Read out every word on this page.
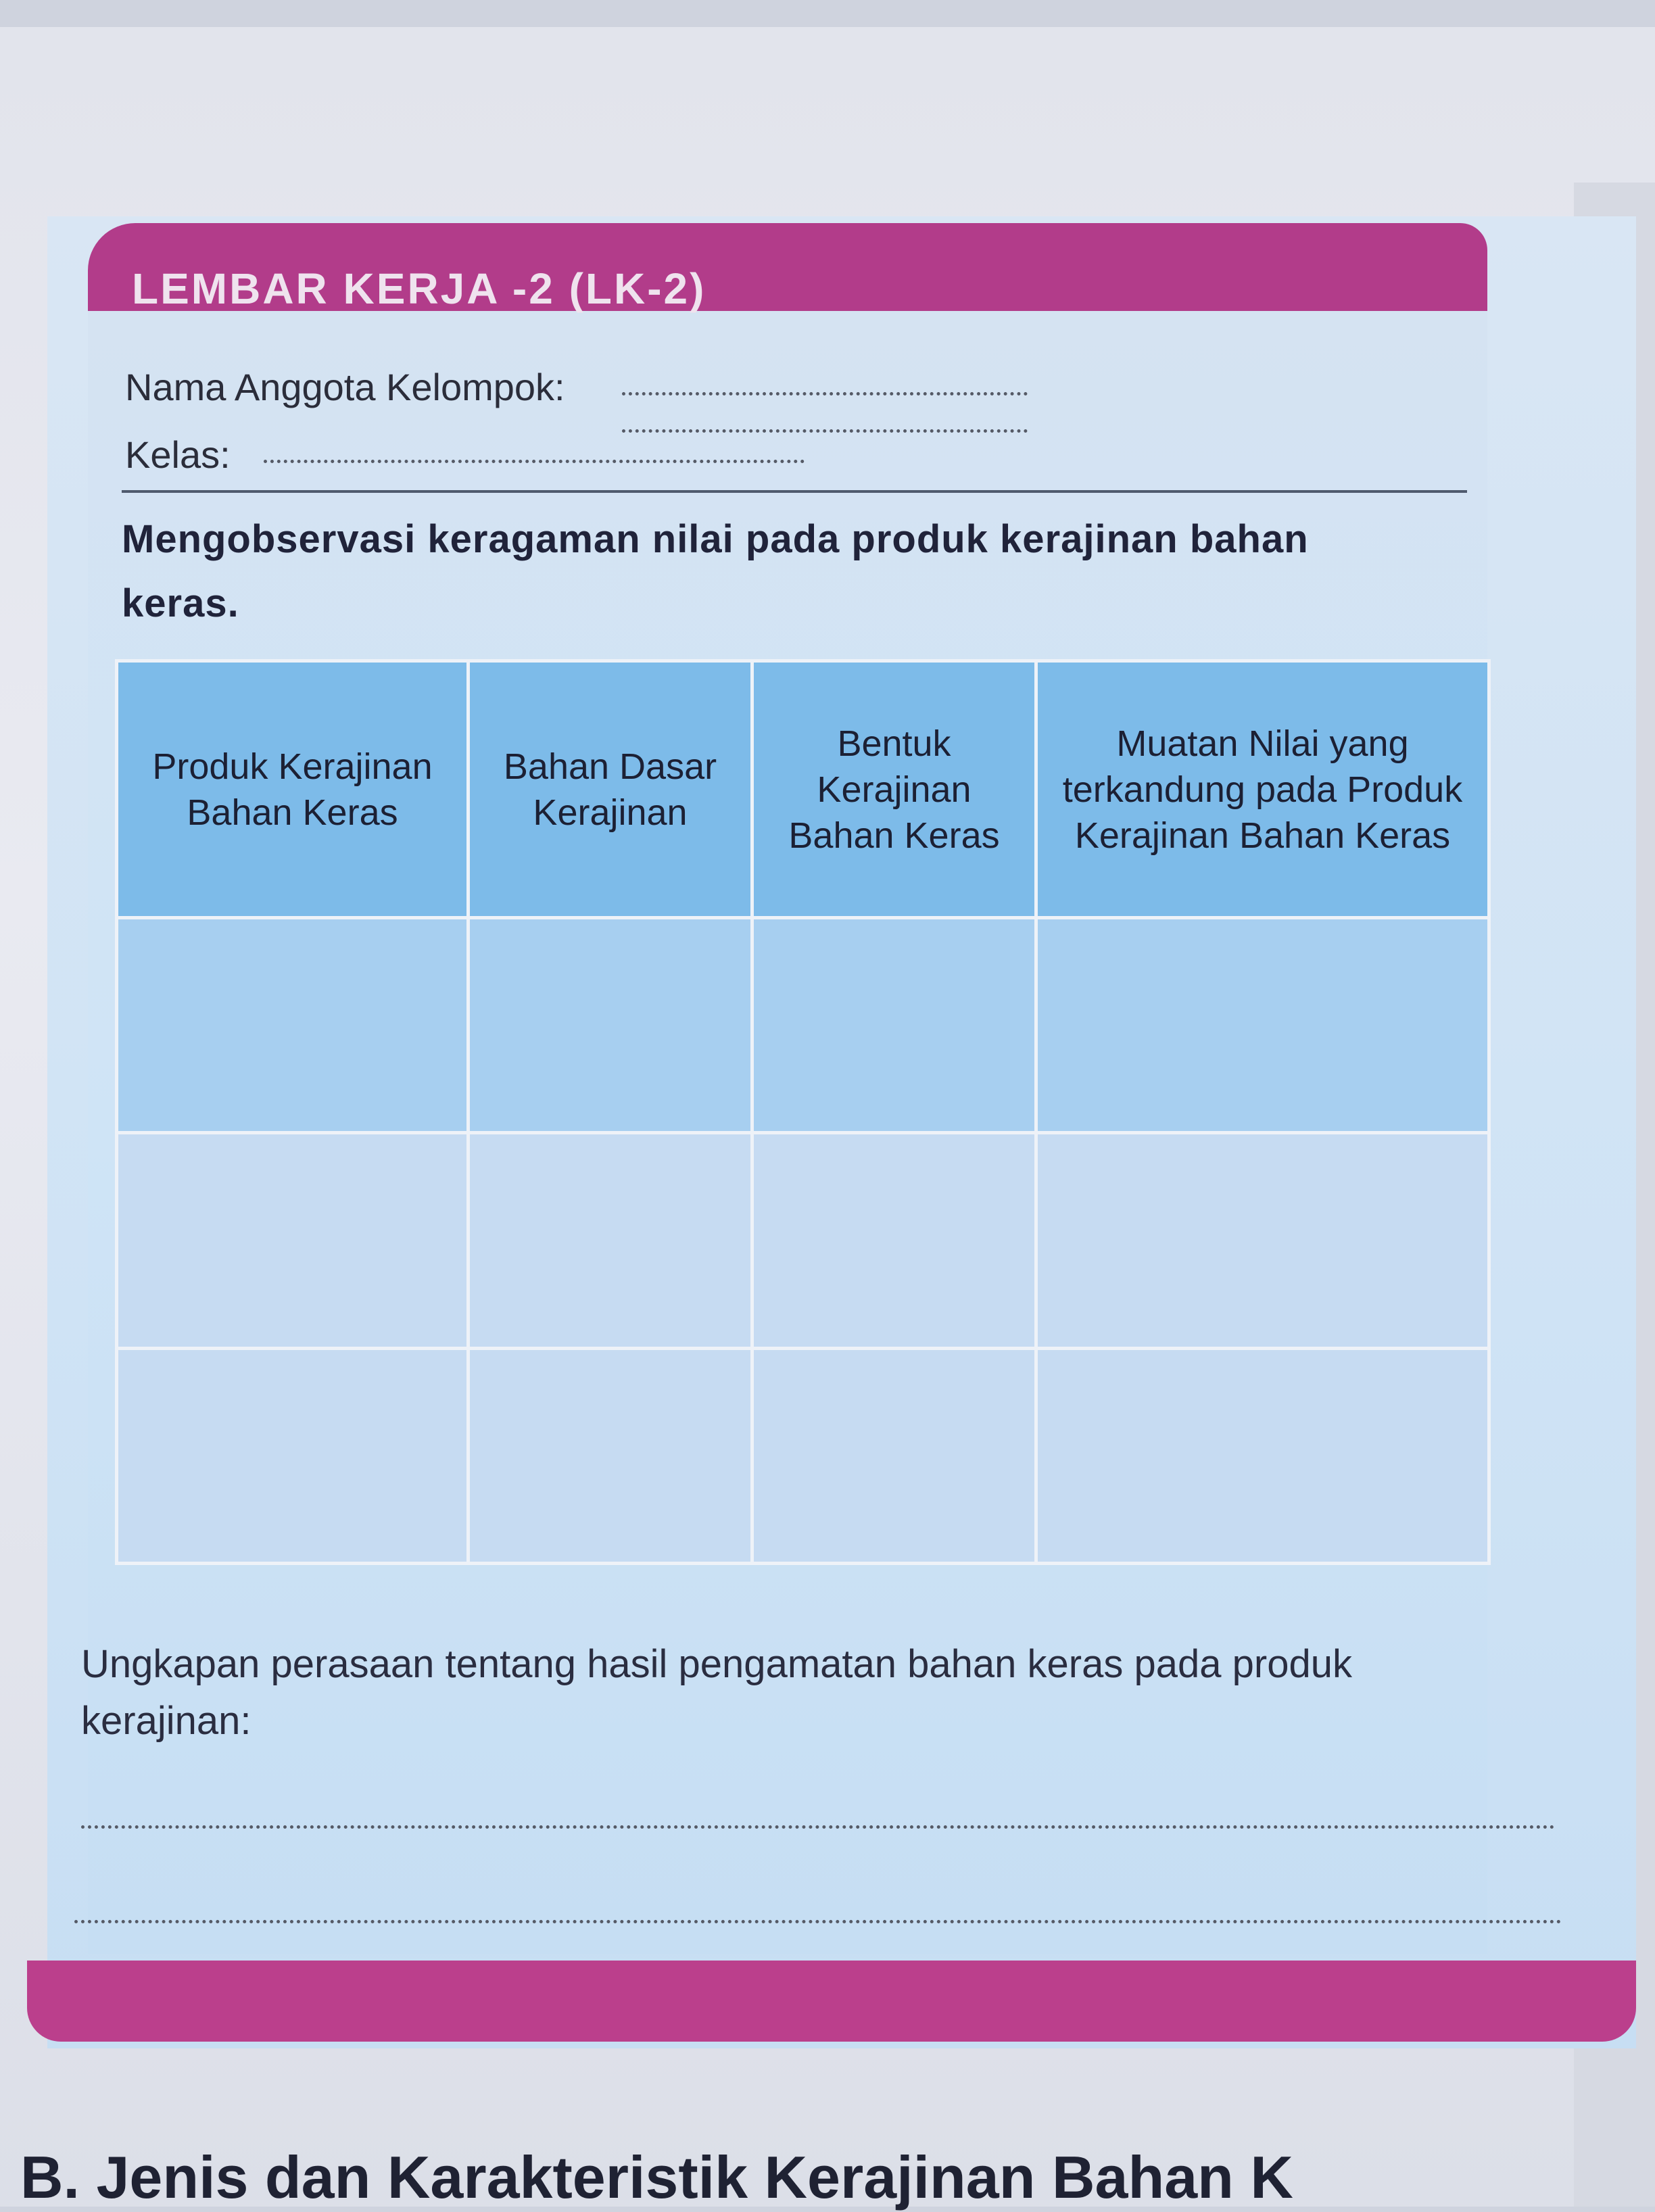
LEMBAR KERJA -2 (LK-2)
Nama Anggota Kelompok:
Kelas:
Mengobservasi keragaman nilai pada produk kerajinan bahan keras.
Produk Kerajinan Bahan Keras	Bahan Dasar Kerajinan	Bentuk Kerajinan Bahan Keras	Muatan Nilai yang terkandung pada Produk Kerajinan Bahan Keras

Ungkapan perasaan tentang hasil pengamatan bahan keras pada produk kerajinan:
B. Jenis dan Karakteristik Kerajinan Bahan K
